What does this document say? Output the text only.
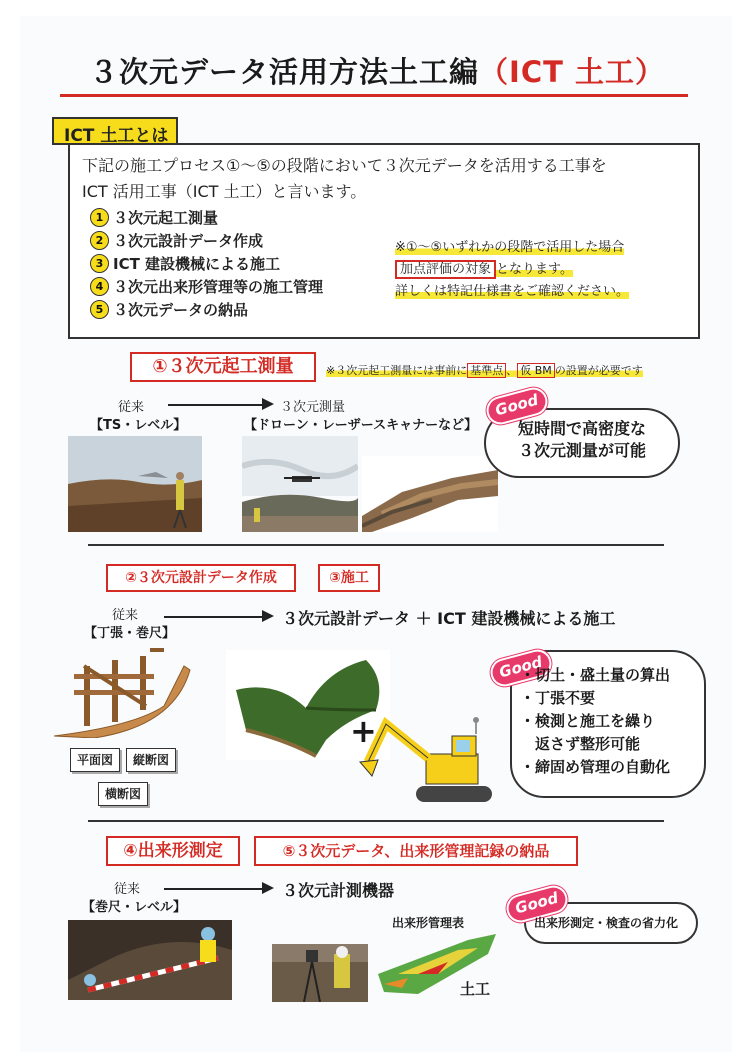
３次元データ活用方法土工編（ICT 土工）
ICT 土工とは
下記の施工プロセス①～⑤の段階において３次元データを活用する工事を
ICT 活用工事（ICT 土工）と言います。
1 ３次元起工測量
2 ３次元設計データ作成
3 ICT 建設機械による施工
4 ３次元出来形管理等の施工管理
5 ３次元データの納品
※①～⑤いずれかの段階で活用した場合
加点評価の対象 となります。
詳しくは特記仕様書をご確認ください。
①３次元起工測量	※３次元起工測量には事前に 基準点 、 仮 BM の設置が必要です
従来
【TS・レベル】
３次元測量
【ドローン・レーザースキャナーなど】
Good
短時間で高密度な
３次元測量が可能
②３次元設計データ作成	③施工
従来
【丁張・巻尺】
３次元設計データ ＋ ICT 建設機械による施工
平面図	縦断図
横断図
+
Good
・切土・盛土量の算出
・丁張不要
・検測と施工を繰り
　返さず整形可能
・締固め管理の自動化
④出来形測定	⑤３次元データ、出来形管理記録の納品
従来
【巻尺・レベル】
３次元計測機器
出来形管理表
土工
Good
出来形測定・検査の省力化
